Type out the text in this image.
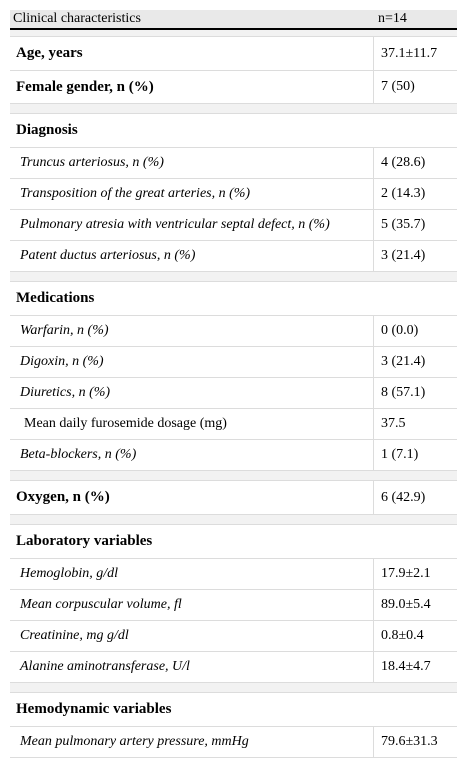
Clinical characteristics	n=14
Age, years	37.1±11.7
Female gender, n (%)	7 (50)
Diagnosis
Truncus arteriosus, n (%)	4 (28.6)
Transposition of the great arteries, n (%)	2 (14.3)
Pulmonary atresia with ventricular septal defect, n (%)	5 (35.7)
Patent ductus arteriosus, n (%)	3 (21.4)
Medications
Warfarin, n (%)	0 (0.0)
Digoxin, n (%)	3 (21.4)
Diuretics, n (%)	8 (57.1)
Mean daily furosemide dosage (mg)	37.5
Beta-blockers, n (%)	1 (7.1)
Oxygen, n (%)	6 (42.9)
Laboratory variables
Hemoglobin, g/dl	17.9±2.1
Mean corpuscular volume, fl	89.0±5.4
Creatinine, mg g/dl	0.8±0.4
Alanine aminotransferase, U/l	18.4±4.7
Hemodynamic variables
Mean pulmonary artery pressure, mmHg	79.6±31.3
